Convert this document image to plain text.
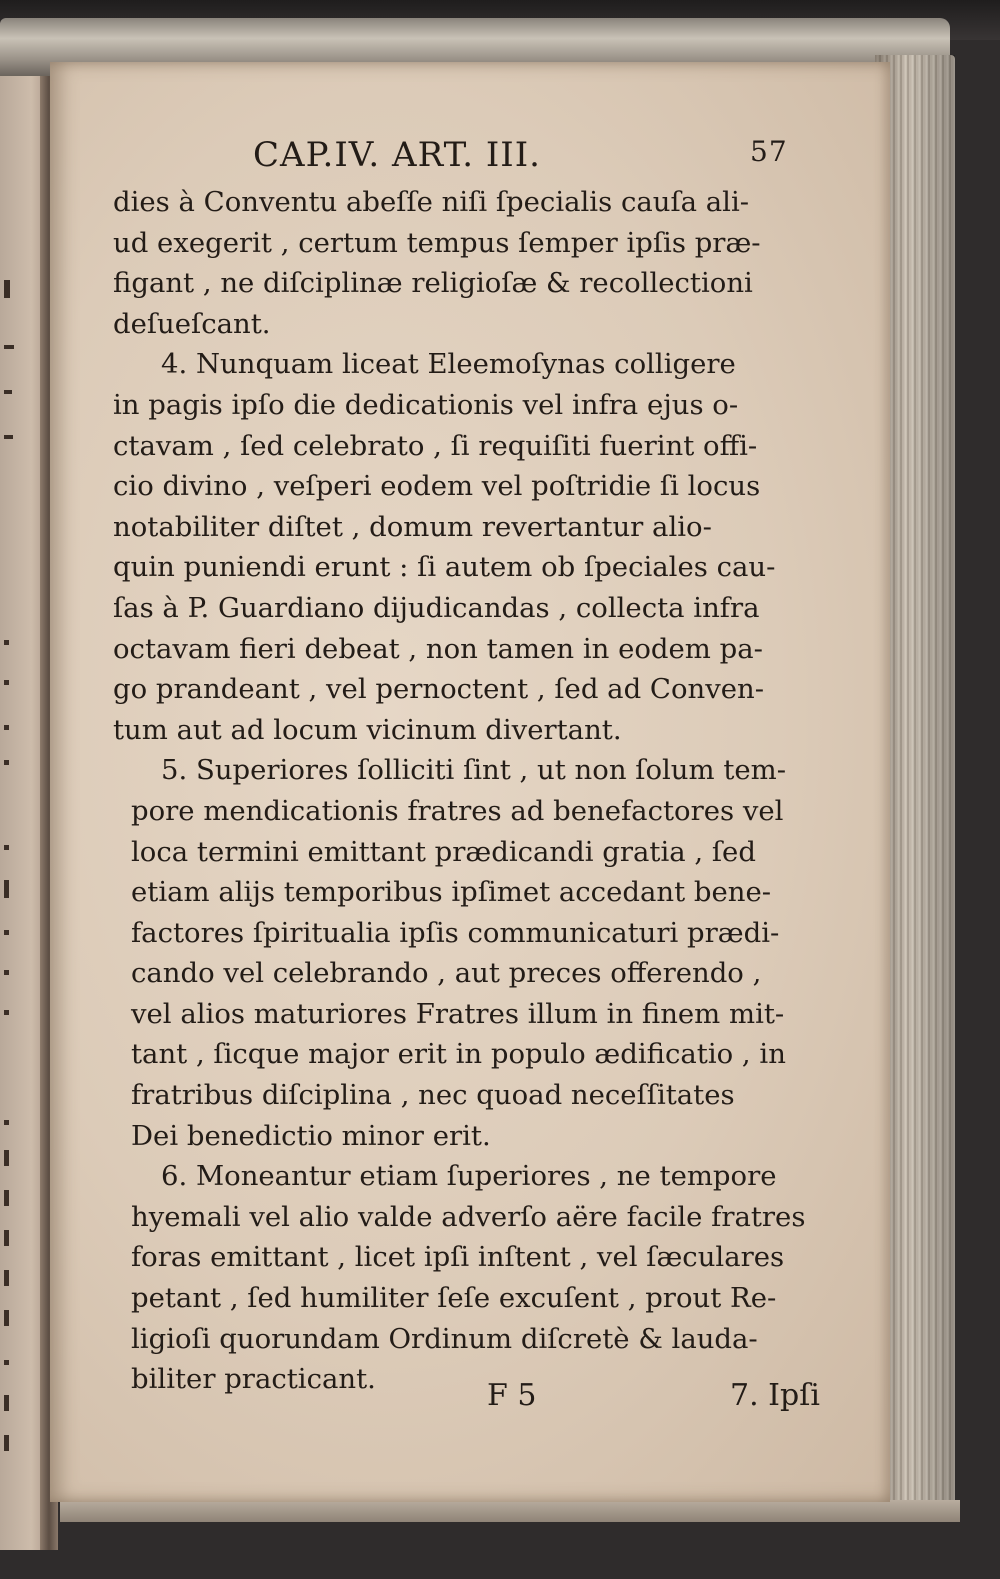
CAP.IV. ART. III.	57
dies à Conventu abeſſe niſi ſpecialis cauſa ali-
ud exegerit , certum tempus ſemper ipſis præ-
figant , ne diſciplinæ religioſæ & recollectioni
deſueſcant.
4. Nunquam liceat Eleemoſynas colligere
in pagis ipſo die dedicationis vel infra ejus o-
ctavam , ſed celebrato , ſi requiſiti fuerint offi-
cio divino , veſperi eodem vel poſtridie ſi locus
notabiliter diſtet , domum revertantur alio-
quin puniendi erunt : ſi autem ob ſpeciales cau-
ſas à P. Guardiano dijudicandas , collecta infra
octavam fieri debeat , non tamen in eodem pa-
go prandeant , vel pernoctent , ſed ad Conven-
tum aut ad locum vicinum divertant.
5. Superiores ſolliciti ſint , ut non ſolum tem-
pore mendicationis fratres ad benefactores vel
loca termini emittant prædicandi gratia , ſed
etiam alijs temporibus ipſimet accedant bene-
factores ſpiritualia ipſis communicaturi prædi-
cando vel celebrando , aut preces offerendo ,
vel alios maturiores Fratres illum in finem mit-
tant , ſicque major erit in populo ædificatio , in
fratribus diſciplina , nec quoad neceſſitates
Dei benedictio minor erit.
6. Moneantur etiam ſuperiores , ne tempore
hyemali vel alio valde adverſo aëre facile fratres
foras emittant , licet ipſi inſtent , vel ſæculares
petant , ſed humiliter ſeſe excuſent , prout Re-
ligioſi quorundam Ordinum diſcretè & lauda-
biliter practicant.	F 5	7. Ipſi
